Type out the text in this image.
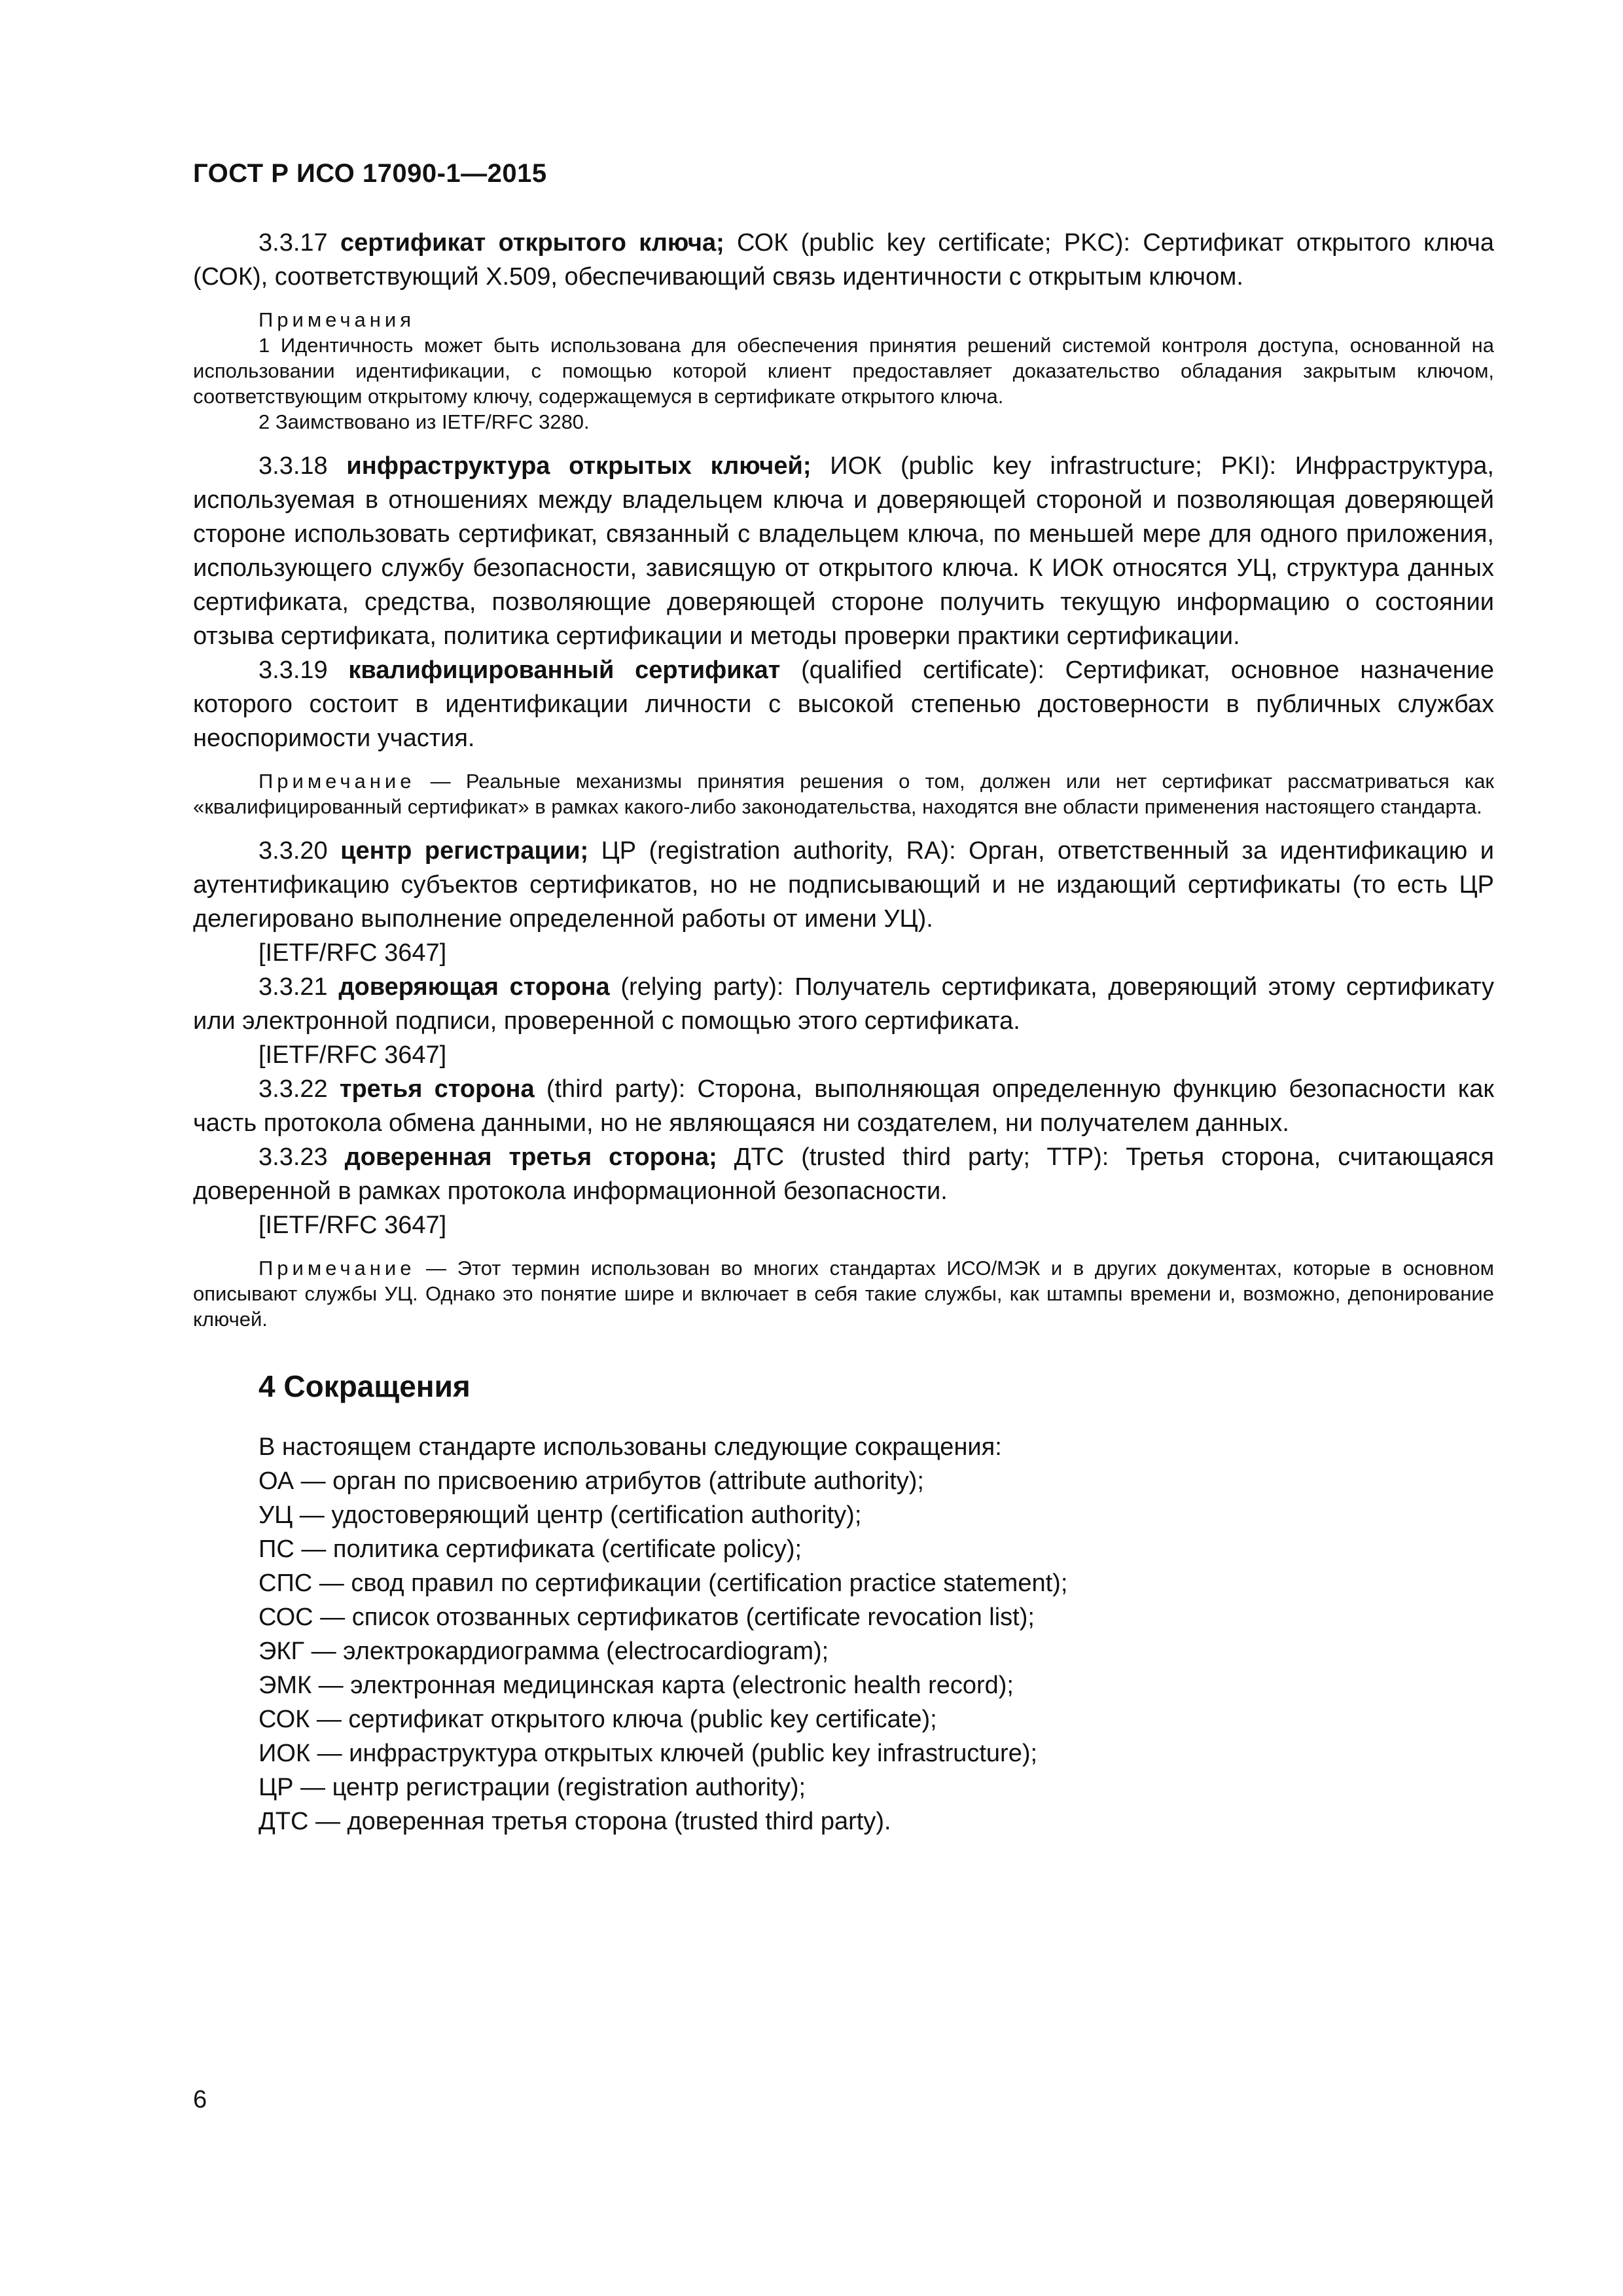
ГОСТ Р ИСО 17090-1—2015

3.3.17 сертификат открытого ключа; СОК (public key certificate; PKC): Сертификат открытого ключа (СОК), соответствующий X.509, обеспечивающий связь идентичности с открытым ключом.

Примечания

1 Идентичность может быть использована для обеспечения принятия решений системой контроля доступа, основанной на использовании идентификации, с помощью которой клиент предоставляет доказательство обладания закрытым ключом, соответствующим открытому ключу, содержащемуся в сертификате открытого ключа.

2 Заимствовано из IETF/RFC 3280.

3.3.18 инфраструктура открытых ключей; ИОК (public key infrastructure; PKI): Инфраструктура, используемая в отношениях между владельцем ключа и доверяющей стороной и позволяющая доверяющей стороне использовать сертификат, связанный с владельцем ключа, по меньшей мере для одного приложения, использующего службу безопасности, зависящую от открытого ключа. К ИОК относятся УЦ, структура данных сертификата, средства, позволяющие доверяющей стороне получить текущую информацию о состоянии отзыва сертификата, политика сертификации и методы проверки практики сертификации.

3.3.19 квалифицированный сертификат (qualified certificate): Сертификат, основное назначение которого состоит в идентификации личности с высокой степенью достоверности в публичных службах неоспоримости участия.

Примечание — Реальные механизмы принятия решения о том, должен или нет сертификат рассматриваться как «квалифицированный сертификат» в рамках какого-либо законодательства, находятся вне области применения настоящего стандарта.

3.3.20 центр регистрации; ЦР (registration authority, RA): Орган, ответственный за идентификацию и аутентификацию субъектов сертификатов, но не подписывающий и не издающий сертификаты (то есть ЦР делегировано выполнение определенной работы от имени УЦ).

[IETF/RFC 3647]

3.3.21 доверяющая сторона (relying party): Получатель сертификата, доверяющий этому сертификату или электронной подписи, проверенной с помощью этого сертификата.

[IETF/RFC 3647]

3.3.22 третья сторона (third party): Сторона, выполняющая определенную функцию безопасности как часть протокола обмена данными, но не являющаяся ни создателем, ни получателем данных.

3.3.23 доверенная третья сторона; ДТС (trusted third party; TTP): Третья сторона, считающаяся доверенной в рамках протокола информационной безопасности.

[IETF/RFC 3647]

Примечание — Этот термин использован во многих стандартах ИСО/МЭК и в других документах, которые в основном описывают службы УЦ. Однако это понятие шире и включает в себя такие службы, как штампы времени и, возможно, депонирование ключей.

4 Сокращения

В настоящем стандарте использованы следующие сокращения:

ОА — орган по присвоению атрибутов (attribute authority);

УЦ — удостоверяющий центр (certification authority);

ПС — политика сертификата (certificate policy);

СПС — свод правил по сертификации (certification practice statement);

СОС — список отозванных сертификатов (certificate revocation list);

ЭКГ — электрокардиограмма (electrocardiogram);

ЭМК — электронная медицинская карта (electronic health record);

СОК — сертификат открытого ключа (public key certificate);

ИОК — инфраструктура открытых ключей (public key infrastructure);

ЦР — центр регистрации (registration authority);

ДТС — доверенная третья сторона (trusted third party).

6
